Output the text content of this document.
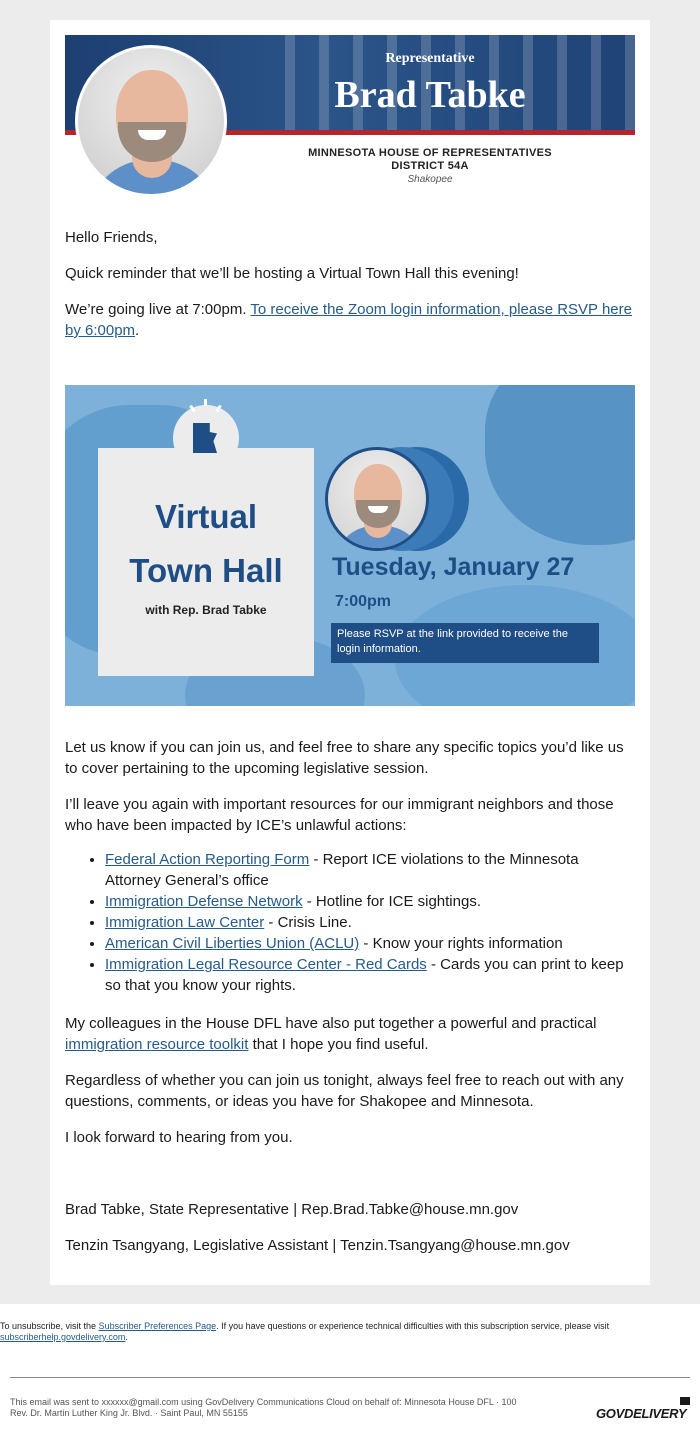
Representative
Brad Tabke
MINNESOTA HOUSE OF REPRESENTATIVES
DISTRICT 54A
Shakopee

Hello Friends,

Quick reminder that we’ll be hosting a Virtual Town Hall this evening!

We’re going live at 7:00pm. To receive the Zoom login information, please RSVP here by 6:00pm.

Virtual
Town Hall
with Rep. Brad Tabke
Tuesday, January 27
7:00pm
Please RSVP at the link provided to receive the login information.

Let us know if you can join us, and feel free to share any specific topics you’d like us to cover pertaining to the upcoming legislative session.

I’ll leave you again with important resources for our immigrant neighbors and those who have been impacted by ICE’s unlawful actions:

• Federal Action Reporting Form - Report ICE violations to the Minnesota Attorney General’s office
• Immigration Defense Network - Hotline for ICE sightings.
• Immigration Law Center - Crisis Line.
• American Civil Liberties Union (ACLU) - Know your rights information
• Immigration Legal Resource Center - Red Cards - Cards you can print to keep so that you know your rights.

My colleagues in the House DFL have also put together a powerful and practical immigration resource toolkit that I hope you find useful.

Regardless of whether you can join us tonight, always feel free to reach out with any questions, comments, or ideas you have for Shakopee and Minnesota.

I look forward to hearing from you.

Brad Tabke, State Representative | Rep.Brad.Tabke@house.mn.gov

Tenzin Tsangyang, Legislative Assistant | Tenzin.Tsangyang@house.mn.gov

To unsubscribe, visit the Subscriber Preferences Page. If you have questions or experience technical difficulties with this subscription service, please visit subscriberhelp.govdelivery.com.
This email was sent to xxxxxx@gmail.com using GovDelivery Communications Cloud on behalf of: Minnesota House DFL · 100
Rev. Dr. Martin Luther King Jr. Blvd. · Saint Paul, MN 55155	GOVDELIVERY
